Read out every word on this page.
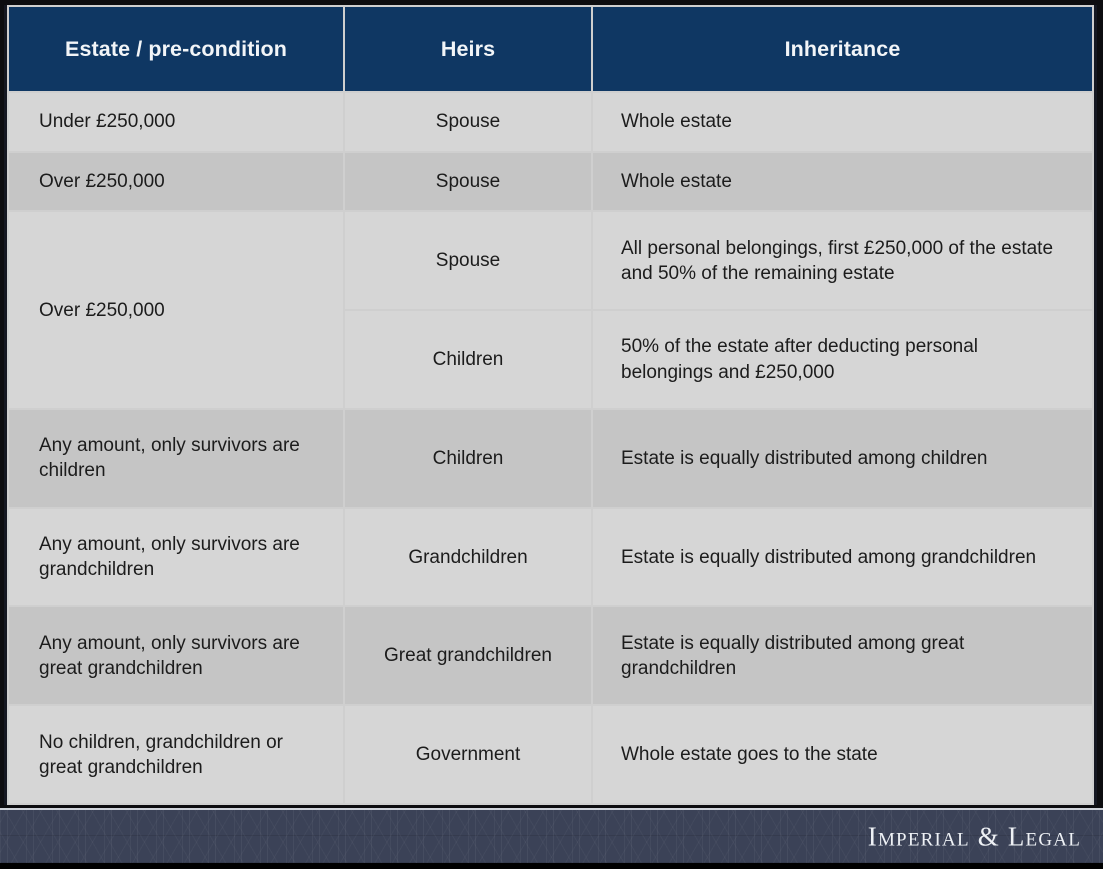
Estate / pre-condition	Heirs	Inheritance
Under £250,000	Spouse	Whole estate
Over £250,000	Spouse	Whole estate
Over £250,000	Spouse	All personal belongings, first £250,000 of the estate and 50% of the remaining estate
	Children	50% of the estate after deducting personal belongings and £250,000
Any amount, only survivors are children	Children	Estate is equally distributed among children
Any amount, only survivors are grandchildren	Grandchildren	Estate is equally distributed among grandchildren
Any amount, only survivors are great grandchildren	Great grandchildren	Estate is equally distributed among great grandchildren
No children, grandchildren or great grandchildren	Government	Whole estate goes to the state
Imperial & Legal
